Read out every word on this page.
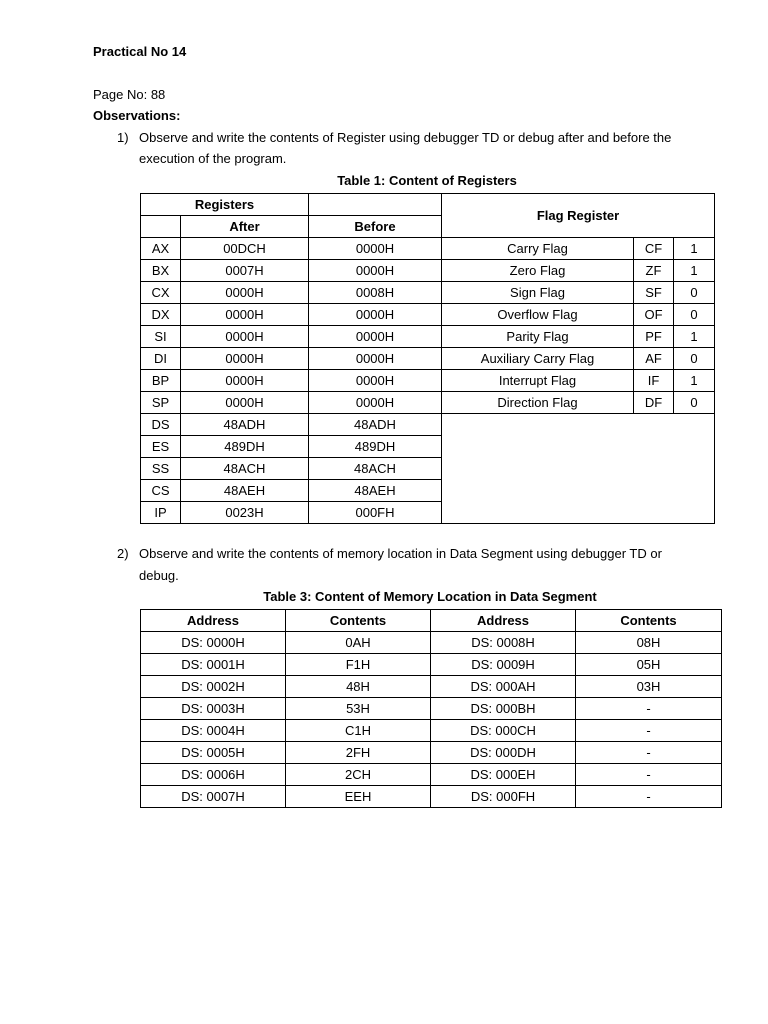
Practical No 14
Page No: 88
Observations:
1) Observe and write the contents of Register using debugger TD or debug after and before the
execution of the program.
Table 1: Content of Registers
Registers			Flag Register		
	After	Before			
AX	00DCH	0000H	Carry Flag	CF	1
BX	0007H	0000H	Zero Flag	ZF	1
CX	0000H	0008H	Sign Flag	SF	0
DX	0000H	0000H	Overflow Flag	OF	0
SI	0000H	0000H	Parity Flag	PF	1
DI	0000H	0000H	Auxiliary Carry Flag	AF	0
BP	0000H	0000H	Interrupt Flag	IF	1
SP	0000H	0000H	Direction Flag	DF	0
DS	48ADH	48ADH			
ES	489DH	489DH			
SS	48ACH	48ACH			
CS	48AEH	48AEH			
IP	0023H	000FH			
2) Observe and write the contents of memory location in Data Segment using debugger TD or
debug.
Table 3: Content of Memory Location in Data Segment
Address	Contents	Address	Contents
DS: 0000H	0AH	DS: 0008H	08H
DS: 0001H	F1H	DS: 0009H	05H
DS: 0002H	48H	DS: 000AH	03H
DS: 0003H	53H	DS: 000BH	-
DS: 0004H	C1H	DS: 000CH	-
DS: 0005H	2FH	DS: 000DH	-
DS: 0006H	2CH	DS: 000EH	-
DS: 0007H	EEH	DS: 000FH	-
